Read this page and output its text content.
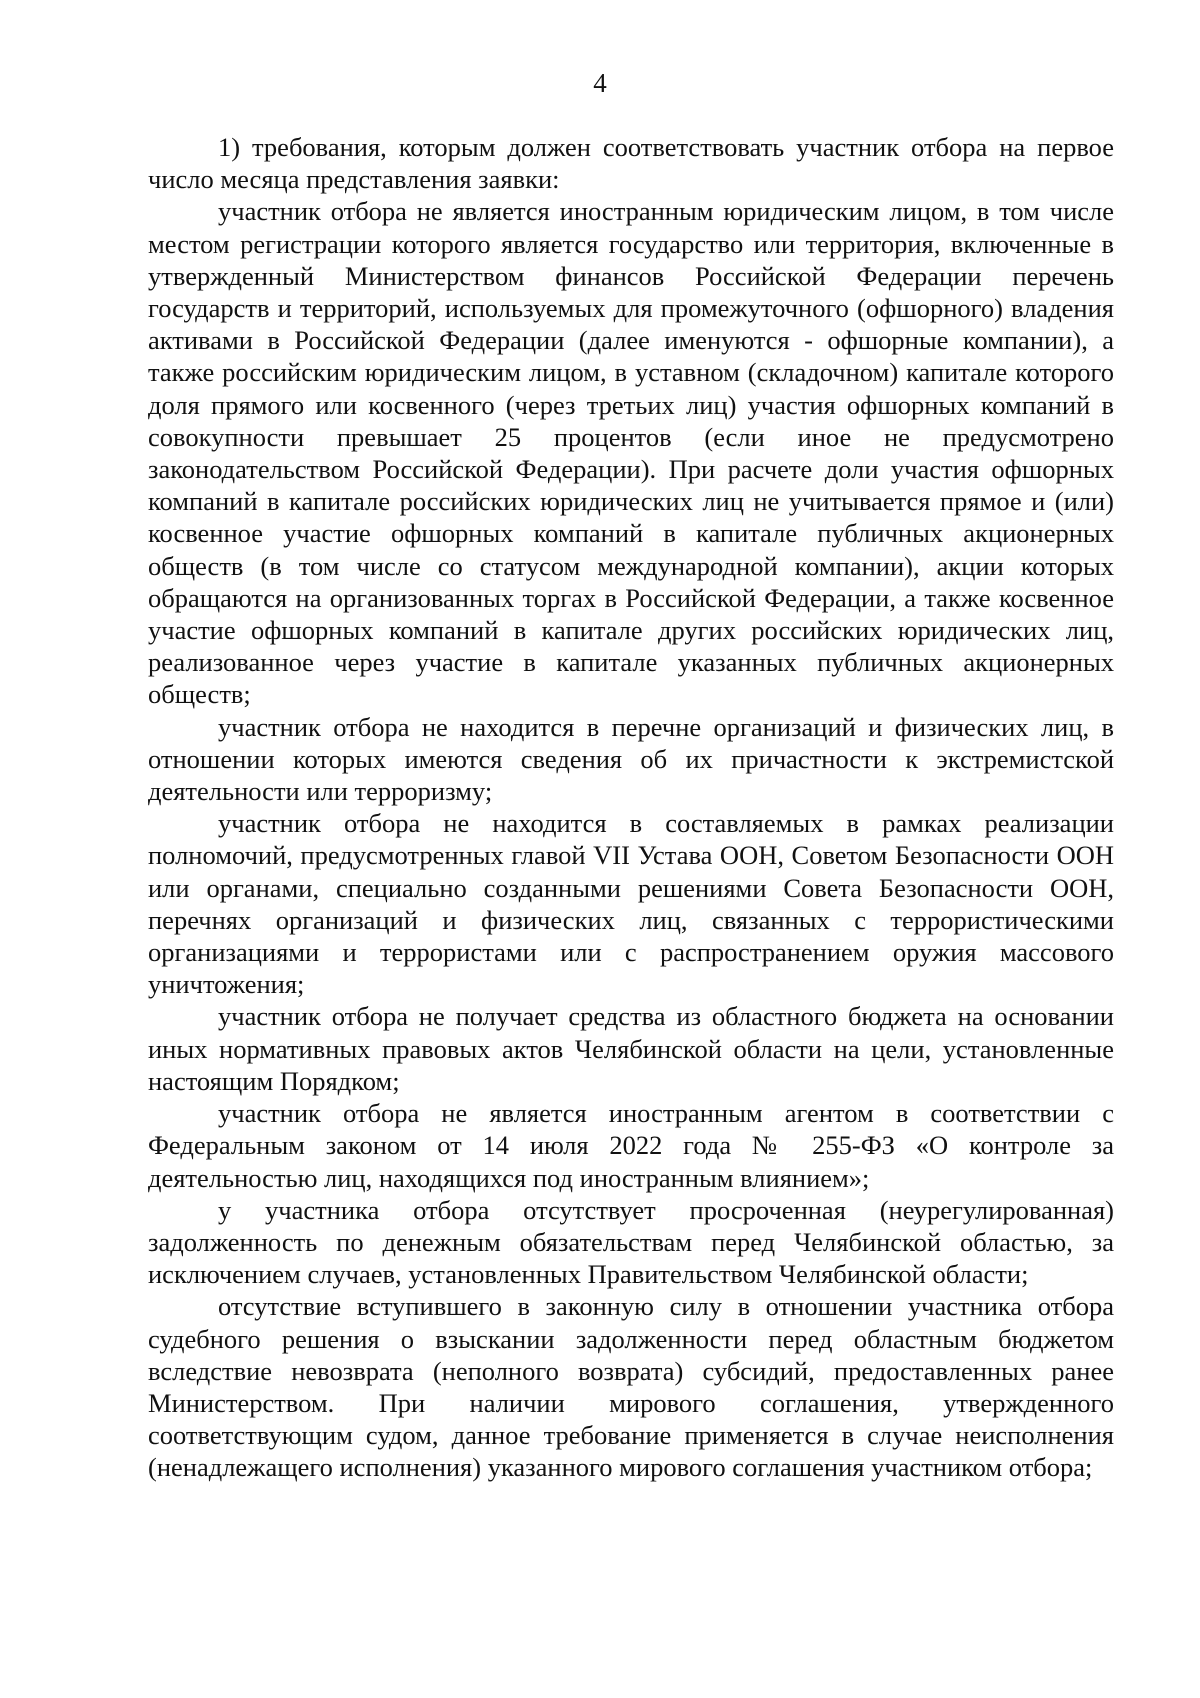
4

1) требования, которым должен соответствовать участник отбора на первое число месяца представления заявки:

участник отбора не является иностранным юридическим лицом, в том числе местом регистрации которого является государство или территория, включенные в утвержденный Министерством финансов Российской Федерации перечень государств и территорий, используемых для промежуточного (офшорного) владения активами в Российской Федерации (далее именуются - офшорные компании), а также российским юридическим лицом, в уставном (складочном) капитале которого доля прямого или косвенного (через третьих лиц) участия офшорных компаний в совокупности превышает 25 процентов (если иное не предусмотрено законодательством Российской Федерации). При расчете доли участия офшорных компаний в капитале российских юридических лиц не учитывается прямое и (или) косвенное участие офшорных компаний в капитале публичных акционерных обществ (в том числе со статусом международной компании), акции которых обращаются на организованных торгах в Российской Федерации, а также косвенное участие офшорных компаний в капитале других российских юридических лиц, реализованное через участие в капитале указанных публичных акционерных обществ;

участник отбора не находится в перечне организаций и физических лиц, в отношении которых имеются сведения об их причастности к экстремистской деятельности или терроризму;

участник отбора не находится в составляемых в рамках реализации полномочий, предусмотренных главой VII Устава ООН, Советом Безопасности ООН или органами, специально созданными решениями Совета Безопасности ООН, перечнях организаций и физических лиц, связанных с террористическими организациями и террористами или с распространением оружия массового уничтожения;

участник отбора не получает средства из областного бюджета на основании иных нормативных правовых актов Челябинской области на цели, установленные настоящим Порядком;

участник отбора не является иностранным агентом в соответствии с Федеральным законом от 14 июля 2022 года № 255-ФЗ «О контроле за деятельностью лиц, находящихся под иностранным влиянием»;

у участника отбора отсутствует просроченная (неурегулированная) задолженность по денежным обязательствам перед Челябинской областью, за исключением случаев, установленных Правительством Челябинской области;

отсутствие вступившего в законную силу в отношении участника отбора судебного решения о взыскании задолженности перед областным бюджетом вследствие невозврата (неполного возврата) субсидий, предоставленных ранее Министерством. При наличии мирового соглашения, утвержденного соответствующим судом, данное требование применяется в случае неисполнения (ненадлежащего исполнения) указанного мирового соглашения участником отбора;
